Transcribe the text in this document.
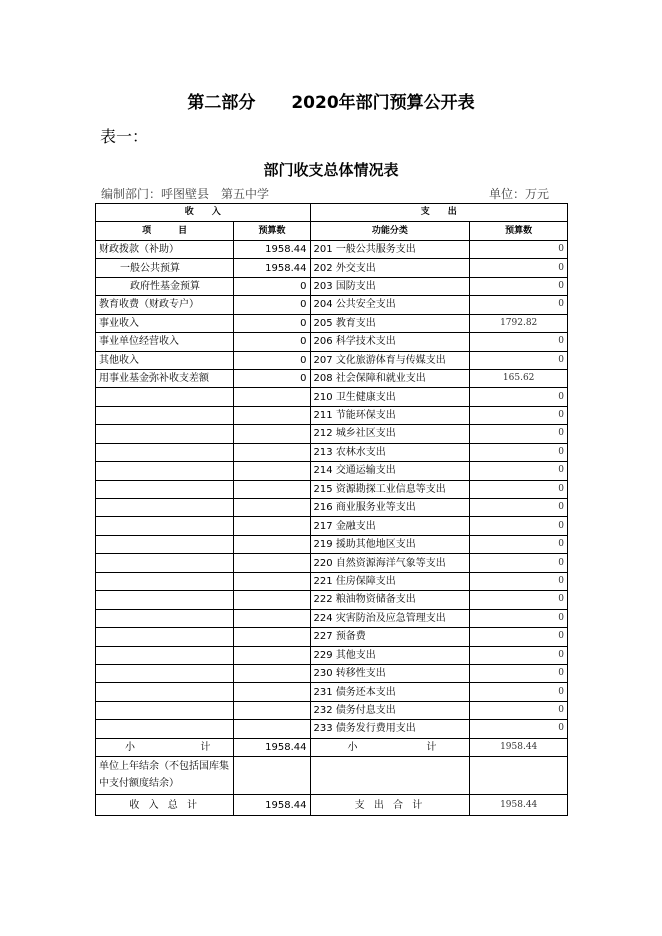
第二部分 2020年部门预算公开表
表一：
部门收支总体情况表
编制部门：呼图壁县　第五中学	单位：万元
收　　入		支　　出	
项　　　目	预算数	功能分类	预算数
财政拨款（补助）	1958.44	201 一般公共服务支出	0
一般公共预算	1958.44	202 外交支出	0
政府性基金预算	0	203 国防支出	0
教育收费（财政专户）	0	204 公共安全支出	0
事业收入	0	205 教育支出	1792.82
事业单位经营收入	0	206 科学技术支出	0
其他收入	0	207 文化旅游体育与传媒支出	0
用事业基金弥补收支差额	0	208 社会保障和就业支出	165.62
		210 卫生健康支出	0
		211 节能环保支出	0
		212 城乡社区支出	0
		213 农林水支出	0
		214 交通运输支出	0
		215 资源勘探工业信息等支出	0
		216 商业服务业等支出	0
		217 金融支出	0
		219 援助其他地区支出	0
		220 自然资源海洋气象等支出	0
		221 住房保障支出	0
		222 粮油物资储备支出	0
		224 灾害防治及应急管理支出	0
		227 预备费	0
		229 其他支出	0
		230 转移性支出	0
		231 债务还本支出	0
		232 债务付息支出	0
		233 债务发行费用支出	0

小 计	1958.44	小 计	1958.44
单位上年结余（不包括国库集中支付额度结余）			
收 入 总 计	1958.44	支 出 合 计	1958.44
